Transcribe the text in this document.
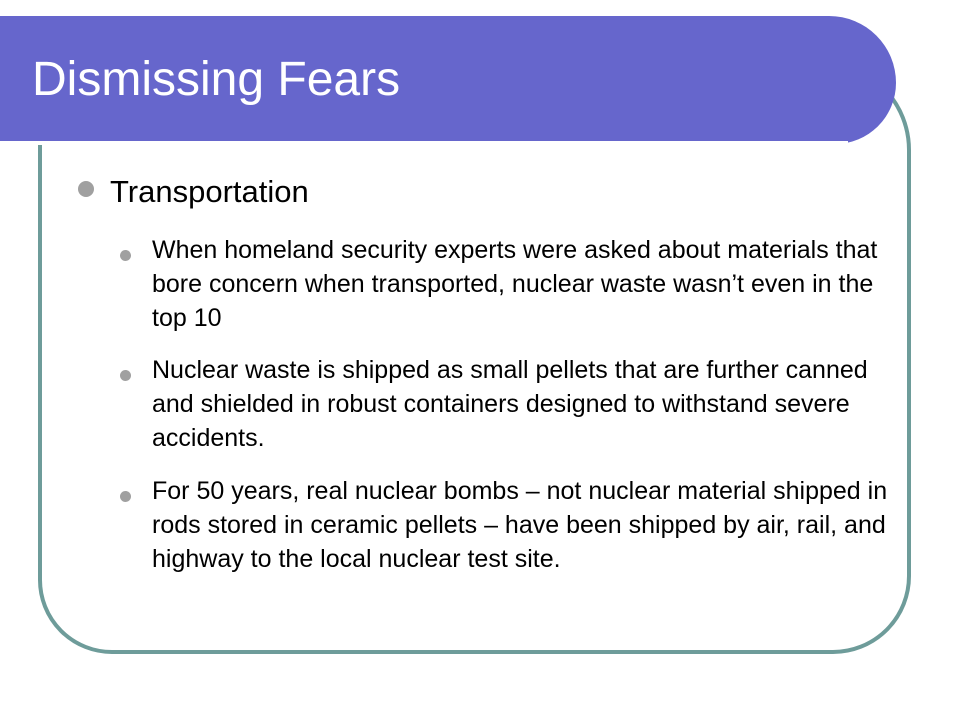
Dismissing Fears
Transportation

When homeland security experts were asked about materials that bore concern when transported, nuclear waste wasn’t even in the top 10

Nuclear waste is shipped as small pellets that are further canned and shielded in robust containers designed to withstand severe accidents.

For 50 years, real nuclear bombs – not nuclear material shipped in rods stored in ceramic pellets – have been shipped by air, rail, and highway to the local nuclear test site.
